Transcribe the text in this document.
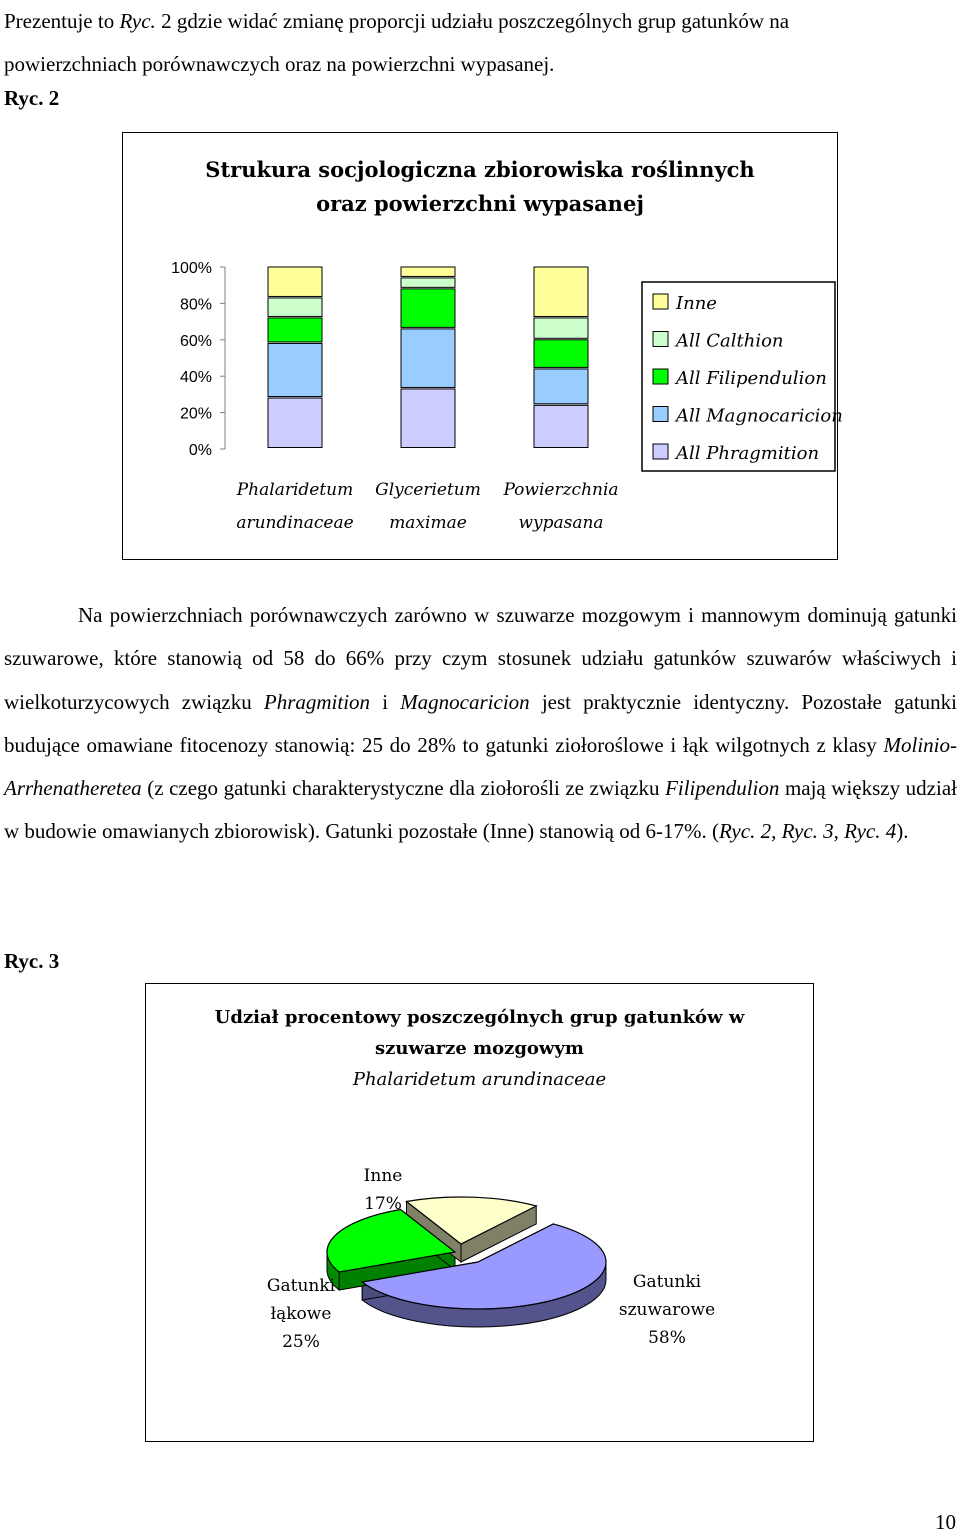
Prezentuje to Ryc. 2 gdzie widać zmianę proporcji udziału poszczególnych grup gatunków na
powierzchniach porównawczych oraz na powierzchni wypasanej.
Ryc. 2
Strukura socjologiczna zbiorowiska roślinnych
oraz powierzchni wypasanej
0%
20%
40%
60%
80%
100%
Phalaridetum
arundinaceae
Glycerietum
maximae
Powierzchnia
wypasana
Inne
All Calthion
All Filipendulion
All Magnocaricion
All Phragmition
Na powierzchniach porównawczych zarówno w szuwarze mozgowym i mannowym dominują gatunki szuwarowe, które stanowią od 58 do 66% przy czym stosunek udziału gatunków szuwarów właściwych i wielkoturzycowych związku Phragmition i Magnocaricion jest praktycznie identyczny. Pozostałe gatunki budujące omawiane fitocenozy stanowią: 25 do 28% to gatunki ziołoroślowe i łąk wilgotnych z klasy Molinio-Arrhenatheretea (z czego gatunki charakterystyczne dla ziołorośli ze związku Filipendulion mają większy udział w budowie omawianych zbiorowisk). Gatunki pozostałe (Inne) stanowią od 6-17%. (Ryc. 2, Ryc. 3, Ryc. 4).
Ryc. 3
Udział procentowy poszczególnych grup gatunków w
szuwarze mozgowym
Phalaridetum arundinaceae
Gatunki
szuwarowe
58%
Gatunki
łąkowe
25%
Inne
17%
10
